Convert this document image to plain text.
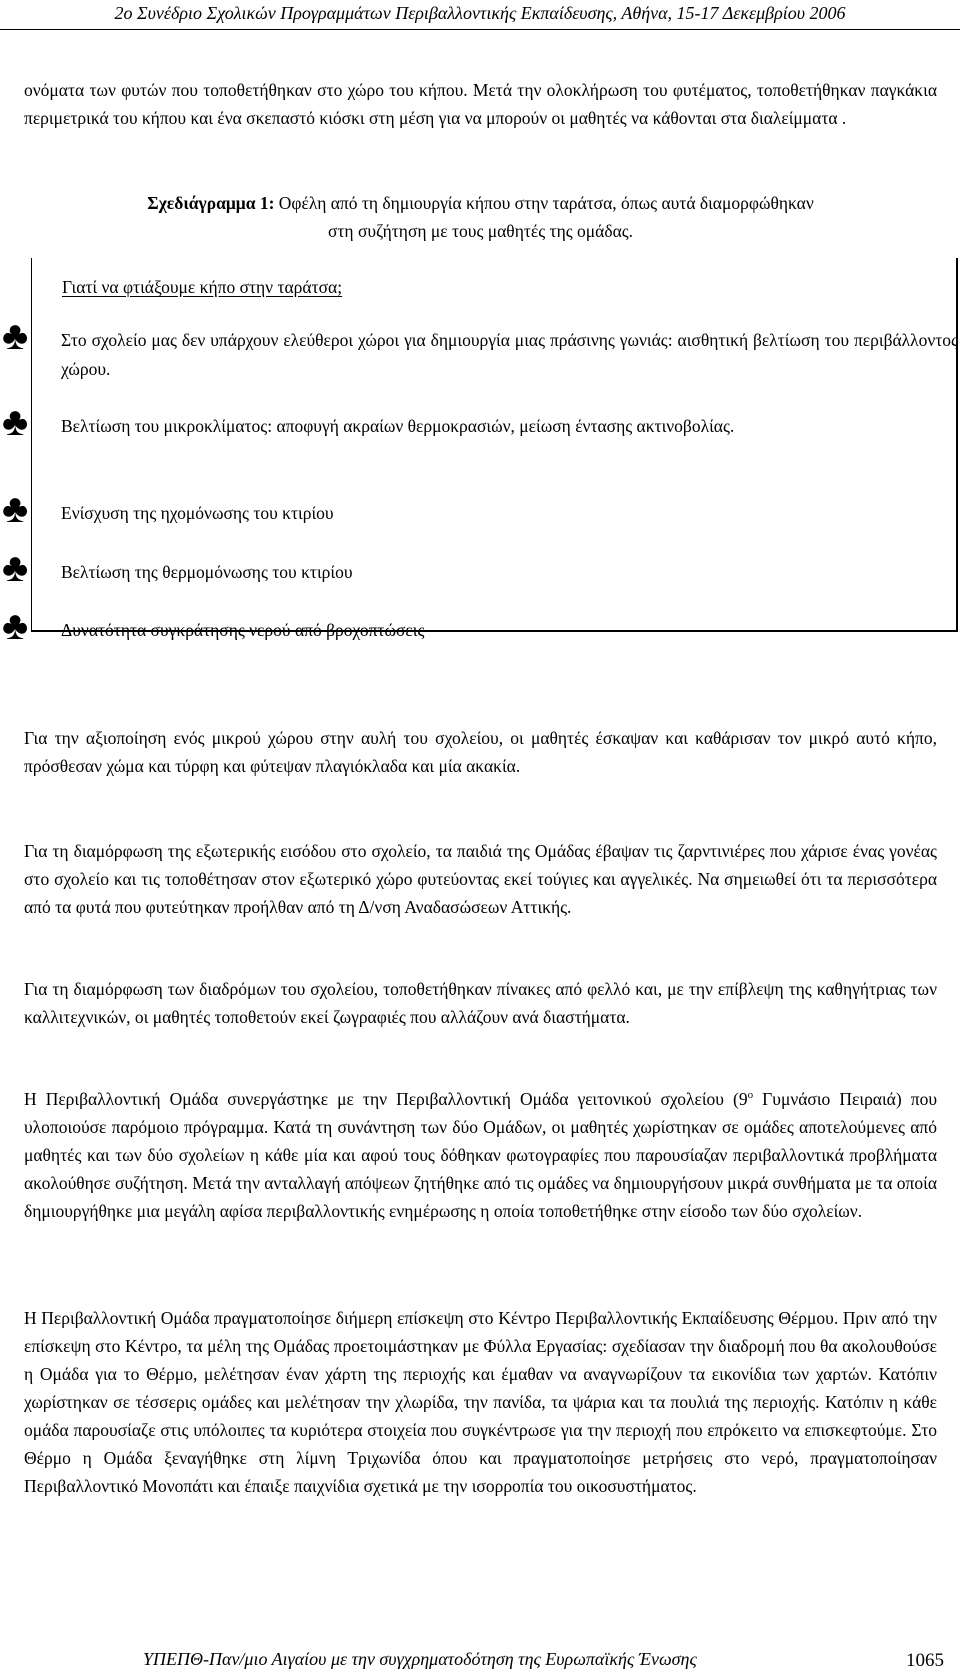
2ο Συνέδριο Σχολικών Προγραμμάτων Περιβαλλοντικής Εκπαίδευσης, Αθήνα, 15-17 Δεκεμβρίου 2006

ονόματα των φυτών που τοποθετήθηκαν στο χώρο του κήπου. Μετά την ολοκλήρωση του φυτέματος, τοποθετήθηκαν παγκάκια περιμετρικά του κήπου και ένα σκεπαστό κιόσκι στη μέση για να μπορούν οι μαθητές να κάθονται στα διαλείμματα .

Σχεδιάγραμμα 1: Οφέλη από τη δημιουργία κήπου στην ταράτσα, όπως αυτά διαμορφώθηκαν
στη συζήτηση με τους μαθητές της ομάδας.

Γιατί να φτιάξουμε κήπο στην ταράτσα;

♣ Στο σχολείο μας δεν υπάρχουν ελεύθεροι χώροι για δημιουργία μιας πράσινης γωνιάς: αισθητική βελτίωση του περιβάλλοντος χώρου.

♣ Βελτίωση του μικροκλίματος: αποφυγή ακραίων θερμοκρασιών, μείωση έντασης ακτινοβολίας.

♣ Ενίσχυση της ηχομόνωσης του κτιρίου

♣ Βελτίωση της θερμομόνωσης του κτιρίου

♣ Δυνατότητα συγκράτησης νερού από βροχοπτώσεις

Για την αξιοποίηση ενός μικρού χώρου στην αυλή του σχολείου, οι μαθητές έσκαψαν και καθάρισαν τον μικρό αυτό κήπο, πρόσθεσαν χώμα και τύρφη και φύτεψαν πλαγιόκλαδα και μία ακακία.

Για τη διαμόρφωση της εξωτερικής εισόδου στο σχολείο, τα παιδιά της Ομάδας έβαψαν τις ζαρντινιέρες που χάρισε ένας γονέας στο σχολείο και τις τοποθέτησαν στον εξωτερικό χώρο φυτεύοντας εκεί τούγιες και αγγελικές. Να σημειωθεί ότι τα περισσότερα από τα φυτά που φυτεύτηκαν προήλθαν από τη Δ/νση Αναδασώσεων Αττικής.

Για τη διαμόρφωση των διαδρόμων του σχολείου, τοποθετήθηκαν πίνακες από φελλό και, με την επίβλεψη της καθηγήτριας των καλλιτεχνικών, οι μαθητές τοποθετούν εκεί ζωγραφιές που αλλάζουν ανά διαστήματα.

Η Περιβαλλοντική Ομάδα συνεργάστηκε με την Περιβαλλοντική Ομάδα γειτονικού σχολείου ($9^o$ Γυμνάσιο Πειραιά) που υλοποιούσε παρόμοιο πρόγραμμα. Κατά τη συνάντηση των δύο Ομάδων, οι μαθητές χωρίστηκαν σε ομάδες αποτελούμενες από μαθητές και των δύο σχολείων η κάθε μία και αφού τους δόθηκαν φωτογραφίες που παρουσίαζαν περιβαλλοντικά προβλήματα ακολούθησε συζήτηση. Μετά την ανταλλαγή απόψεων ζητήθηκε από τις ομάδες να δημιουργήσουν μικρά συνθήματα με τα οποία δημιουργήθηκε μια μεγάλη αφίσα περιβαλλοντικής ενημέρωσης η οποία τοποθετήθηκε στην είσοδο των δύο σχολείων.

Η Περιβαλλοντική Ομάδα πραγματοποίησε διήμερη επίσκεψη στο Κέντρο Περιβαλλοντικής Εκπαίδευσης Θέρμου. Πριν από την επίσκεψη στο Κέντρο, τα μέλη της Ομάδας προετοιμάστηκαν με Φύλλα Εργασίας: σχεδίασαν την διαδρομή που θα ακολουθούσε η Ομάδα για το Θέρμο, μελέτησαν έναν χάρτη της περιοχής και έμαθαν να αναγνωρίζουν τα εικονίδια των χαρτών. Κατόπιν χωρίστηκαν σε τέσσερις ομάδες και μελέτησαν την χλωρίδα, την πανίδα, τα ψάρια και τα πουλιά της περιοχής. Κατόπιν η κάθε ομάδα παρουσίαζε στις υπόλοιπες τα κυριότερα στοιχεία που συγκέντρωσε για την περιοχή που επρόκειτο να επισκεφτούμε. Στο Θέρμο η Ομάδα ξεναγήθηκε στη λίμνη Τριχωνίδα όπου και πραγματοποίησε μετρήσεις στο νερό, πραγματοποίησαν Περιβαλλοντικό Μονοπάτι και έπαιξε παιχνίδια σχετικά με την ισορροπία του οικοσυστήματος.

ΥΠΕΠΘ-Παν/μιο Αιγαίου με την συγχρηματοδότηση της Ευρωπαϊκής Ένωσης	1065
